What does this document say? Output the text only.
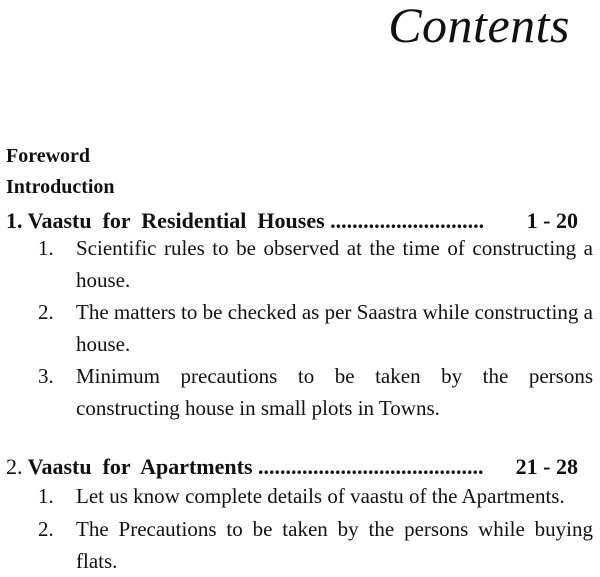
Contents
Foreword
Introduction
1. Vaastu  for  Residential  Houses ............................ 1 - 20
1.	Scientific rules to be observed at the time of constructing a house.
2.	The matters to be checked as per Saastra while constructing a house.
3.	Minimum precautions to be taken by the persons constructing house in small plots in Towns.
2. Vaastu  for  Apartments ......................................... 21 - 28
1.	Let us know complete details of vaastu of the Apartments.
2.	The Precautions to be taken by the persons while buying flats.
